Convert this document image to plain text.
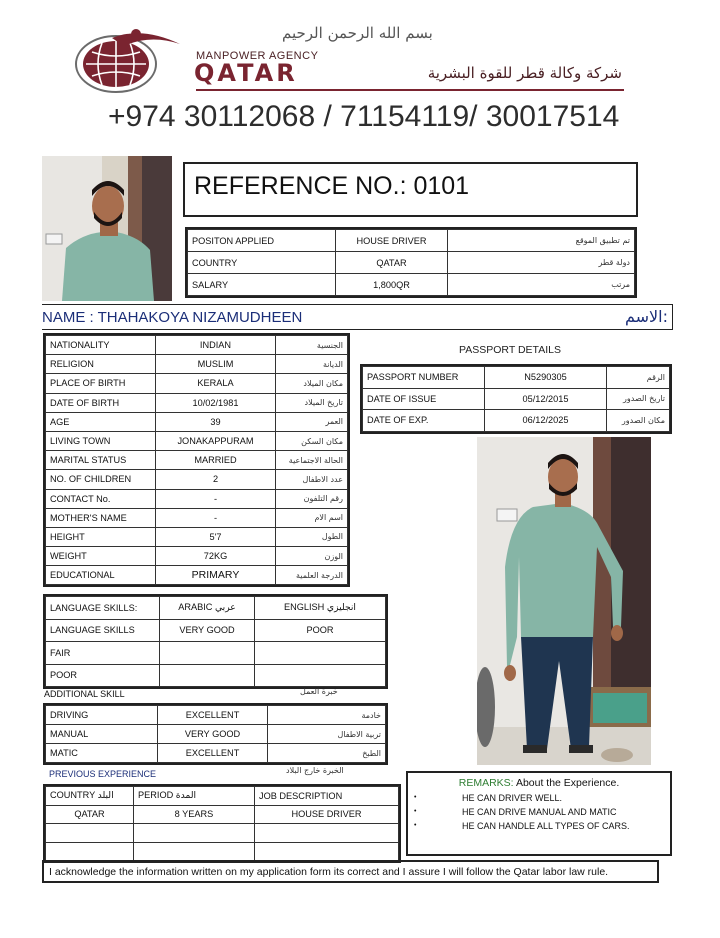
بسم الله الرحمن الرحيم
MANPOWER AGENCY
QATAR	شركة وكالة قطر للقوة البشرية
+974 30112068 / 71154119/ 30017514
REFERENCE NO.: 0101
POSITON APPLIED	HOUSE DRIVER	تم تطبيق الموقع
COUNTRY	QATAR	دولة قطر
SALARY	1,800QR	مرتب
NAME : THAHAKOYA NIZAMUDHEEN	الاسم:
NATIONALITY	INDIAN	الجنسية
RELIGION	MUSLIM	الديانة
PLACE OF BIRTH	KERALA	مكان الميلاد
DATE OF BIRTH	10/02/1981	تاريخ الميلاد
AGE	39	العمر
LIVING TOWN	JONAKAPPURAM	مكان السكن
MARITAL STATUS	MARRIED	الحالة الاجتماعية
NO. OF CHILDREN	2	عدد الاطفال
CONTACT No.	-	رقم التلفون
MOTHER'S NAME	-	اسم الام
HEIGHT	5'7	الطول
WEIGHT	72KG	الوزن
EDUCATIONAL	PRIMARY	الدرجة العلمية
PASSPORT DETAILS
PASSPORT NUMBER	N5290305	الرقم
DATE OF ISSUE	05/12/2015	تاريخ الصدور
DATE OF EXP.	06/12/2025	مكان الصدور
LANGUAGE SKILLS:	ARABIC عربي	ENGLISH انجليزي
LANGUAGE SKILLS	VERY GOOD	POOR
FAIR		
POOR		
ADDITIONAL SKILL	خبرة العمل
DRIVING	EXCELLENT	خادمة
MANUAL	VERY GOOD	تربية الاطفال
MATIC	EXCELLENT	الطبخ
PREVIOUS EXPERIENCE	الخبرة خارج البلاد
COUNTRY البلد	PERIOD المدة	JOB DESCRIPTION
QATAR	8 YEARS	HOUSE DRIVER

REMARKS: About the Experience.
•	HE CAN DRIVER WELL.
•	HE CAN DRIVE MANUAL AND MATIC
•	HE CAN HANDLE ALL TYPES OF CARS.
I acknowledge the information written on my application form its correct and I assure I will follow the Qatar labor law rule.
